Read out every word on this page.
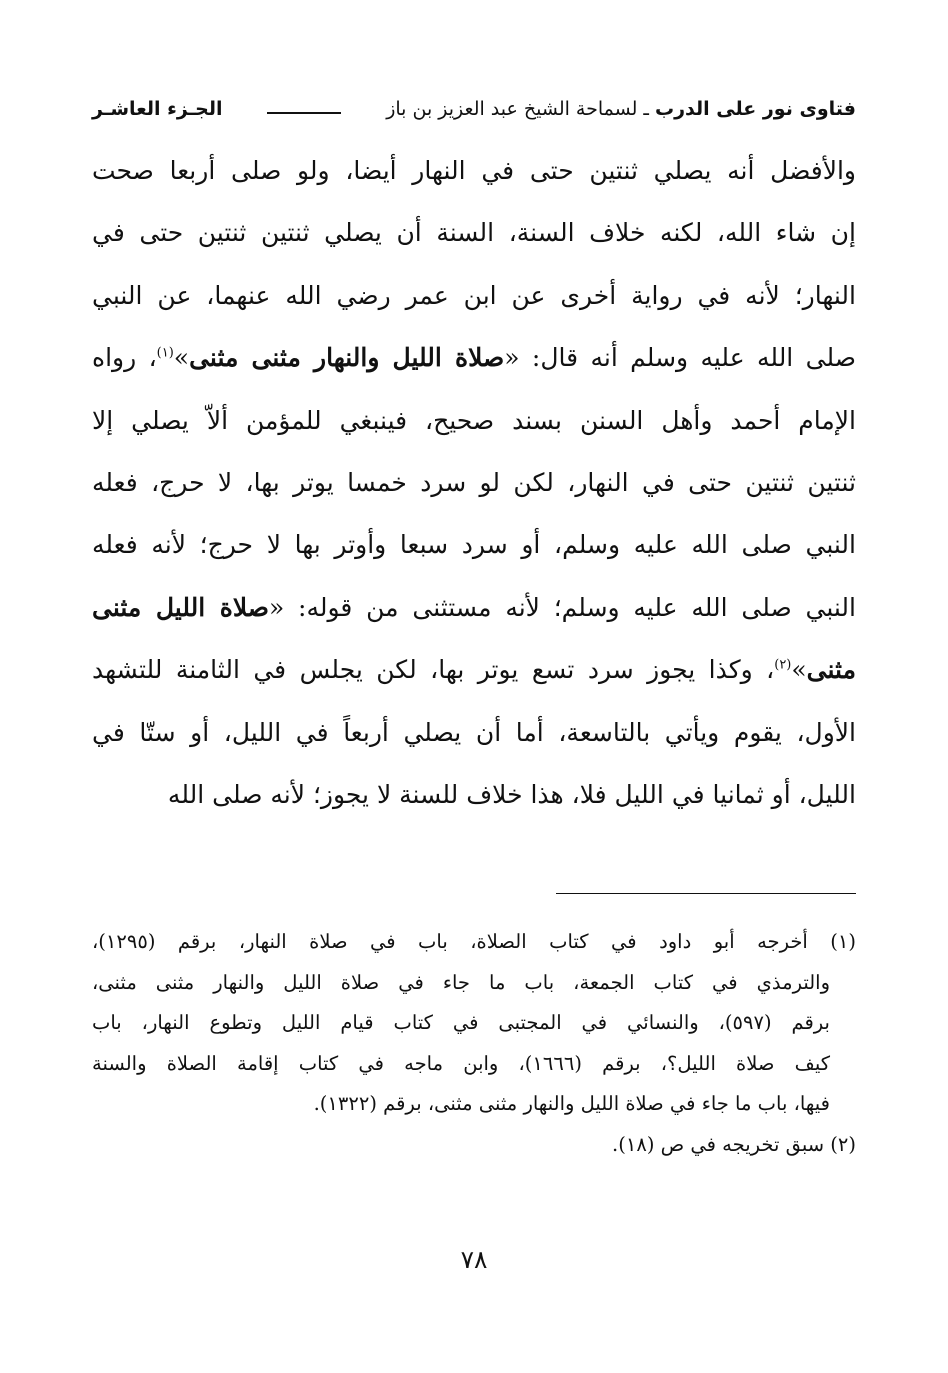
فتاوى نور على الدرب
ـ لسماحة الشيخ عبد العزيز بن باز
الجـزء العاشـر
والأفضل أنه يصلي ثنتين حتى في النهار أيضا، ولو صلى أربعا صحت
إن شاء الله، لكنه خلاف السنة، السنة أن يصلي ثنتين ثنتين حتى في
النهار؛ لأنه في رواية أخرى عن ابن عمر رضي الله عنهما، عن النبي
صلى الله عليه وسلم أنه قال: «صلاة الليل والنهار مثنى مثنى»$^{(١)}$، رواه
الإمام أحمد وأهل السنن بسند صحيح، فينبغي للمؤمن ألاّ يصلي إلا
ثنتين ثنتين حتى في النهار، لكن لو سرد خمسا يوتر بها، لا حرج، فعله
النبي صلى الله عليه وسلم، أو سرد سبعا وأوتر بها لا حرج؛ لأنه فعله
النبي صلى الله عليه وسلم؛ لأنه مستثنى من قوله: «صلاة الليل مثنى
مثنى»$^{(٢)}$، وكذا يجوز سرد تسع يوتر بها، لكن يجلس في الثامنة للتشهد
الأول، يقوم ويأتي بالتاسعة، أما أن يصلي أربعاً في الليل، أو ستّا في
الليل، أو ثمانيا في الليل فلا، هذا خلاف للسنة لا يجوز؛ لأنه صلى الله
(١) أخرجه أبو داود في كتاب الصلاة، باب في صلاة النهار، برقم (١٢٩٥)،
والترمذي في كتاب الجمعة، باب ما جاء في صلاة الليل والنهار مثنى مثنى،
برقم (٥٩٧)، والنسائي في المجتبى في كتاب قيام الليل وتطوع النهار، باب
كيف صلاة الليل؟، برقم (١٦٦٦)، وابن ماجه في كتاب إقامة الصلاة والسنة
فيها، باب ما جاء في صلاة الليل والنهار مثنى مثنى، برقم (١٣٢٢).
(٢) سبق تخريجه في ص (١٨).
٧٨
